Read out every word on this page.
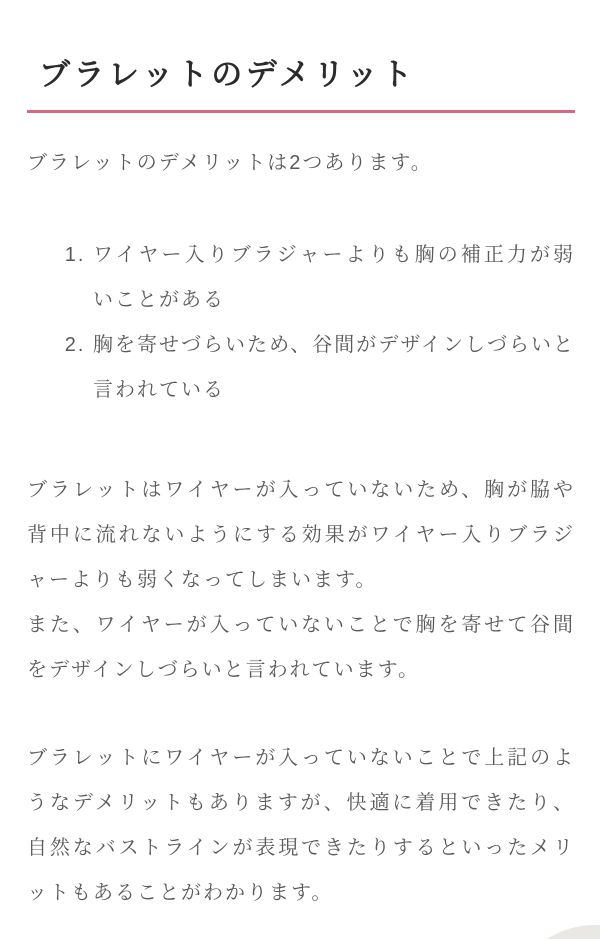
ブラレットのデメリット

ブラレットのデメリットは2つあります。

1. ワイヤー入りブラジャーよりも胸の補正力が弱いことがある
2. 胸を寄せづらいため、谷間がデザインしづらいと言われている

ブラレットはワイヤーが入っていないため、胸が脇や背中に流れないようにする効果がワイヤー入りブラジャーよりも弱くなってしまいます。
また、ワイヤーが入っていないことで胸を寄せて谷間をデザインしづらいと言われています。

ブラレットにワイヤーが入っていないことで上記のようなデメリットもありますが、快適に着用できたり、自然なバストラインが表現できたりするといったメリットもあることがわかります。
